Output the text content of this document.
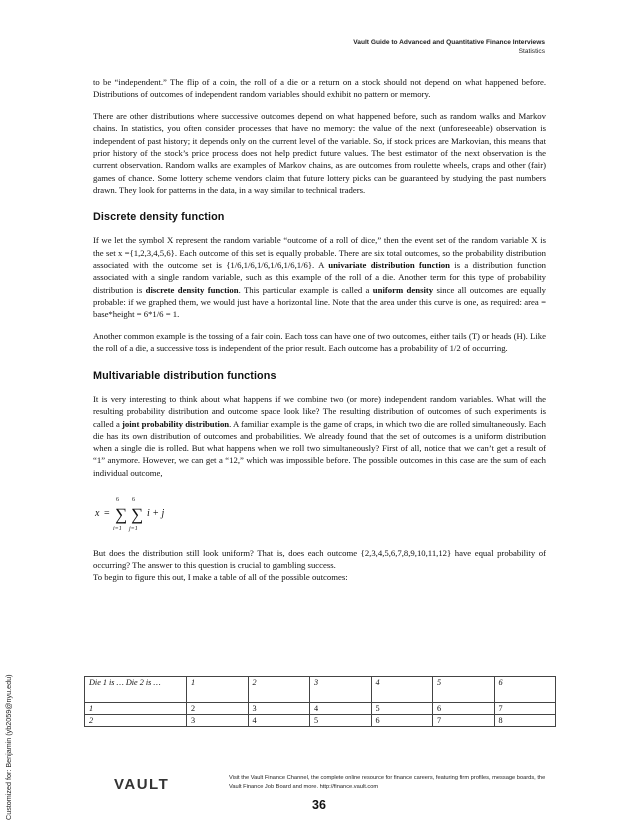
Vault Guide to Advanced and Quantitative Finance Interviews
Statistics
Customized for: Benjamin (yb2059@nyu.edu)

to be “independent.” The flip of a coin, the roll of a die or a return on a stock should not depend on what happened before. Distributions of outcomes of independent random variables should exhibit no pattern or memory.

There are other distributions where successive outcomes depend on what happened before, such as random walks and Markov chains. In statistics, you often consider processes that have no memory: the value of the next (unforeseeable) observation is independent of past history; it depends only on the current level of the variable. So, if stock prices are Markovian, this means that prior history of the stock’s price process does not help predict future values. The best estimator of the next observation is the current observation. Random walks are examples of Markov chains, as are outcomes from roulette wheels, craps and other (fair) games of chance. Some lottery scheme vendors claim that future lottery picks can be guaranteed by studying the past numbers drawn. They look for patterns in the data, in a way similar to technical traders.

Discrete density function

If we let the symbol X represent the random variable “outcome of a roll of dice,” then the event set of the random variable X is the set x ={1,2,3,4,5,6}. Each outcome of this set is equally probable. There are six total outcomes, so the probability distribution associated with the outcome set is {1/6,1/6,1/6,1/6,1/6,1/6}. A univariate distribution function is a distribution function associated with a single random variable, such as this example of the roll of a die. Another term for this type of probability distribution is discrete density function. This particular example is called a uniform density since all outcomes are equally probable: if we graphed them, we would just have a horizontal line. Note that the area under this curve is one, as required: area = base*height = 6*1/6 = 1.

Another common example is the tossing of a fair coin. Each toss can have one of two outcomes, either tails (T) or heads (H). Like the roll of a die, a successive toss is independent of the prior result. Each outcome has a probability of 1/2 of occurring.

Multivariable distribution functions

It is very interesting to think about what happens if we combine two (or more) independent random variables. What will the resulting probability distribution and outcome space look like? The resulting distribution of outcomes of such experiments is called a joint probability distribution. A familiar example is the game of craps, in which two die are rolled simultaneously. Each die has its own distribution of outcomes and probabilities. We already found that the set of outcomes is a uniform distribution when a single die is rolled. But what happens when we roll two simultaneously? First of all, notice that we can’t get a result of “1” anymore. However, we can get a “12,” which was impossible before. The possible outcomes in this case are the sum of each individual outcome,

x =
6
∑
i=1
6
∑
j=1
i + j

But does the distribution still look uniform? That is, does each outcome {2,3,4,5,6,7,8,9,10,11,12} have equal probability of occurring? The answer to this question is crucial to gambling success.

To begin to figure this out, I make a table of all of the possible outcomes:

Die 1 is … Die 2 is …	1	2	3	4	5	6
1	2	3	4	5	6	7
2	3	4	5	6	7	8
VAULT	Visit the Vault Finance Channel, the complete online resource for finance careers, featuring firm profiles, message boards, the Vault Finance Job Board and more. http://finance.vault.com
36
